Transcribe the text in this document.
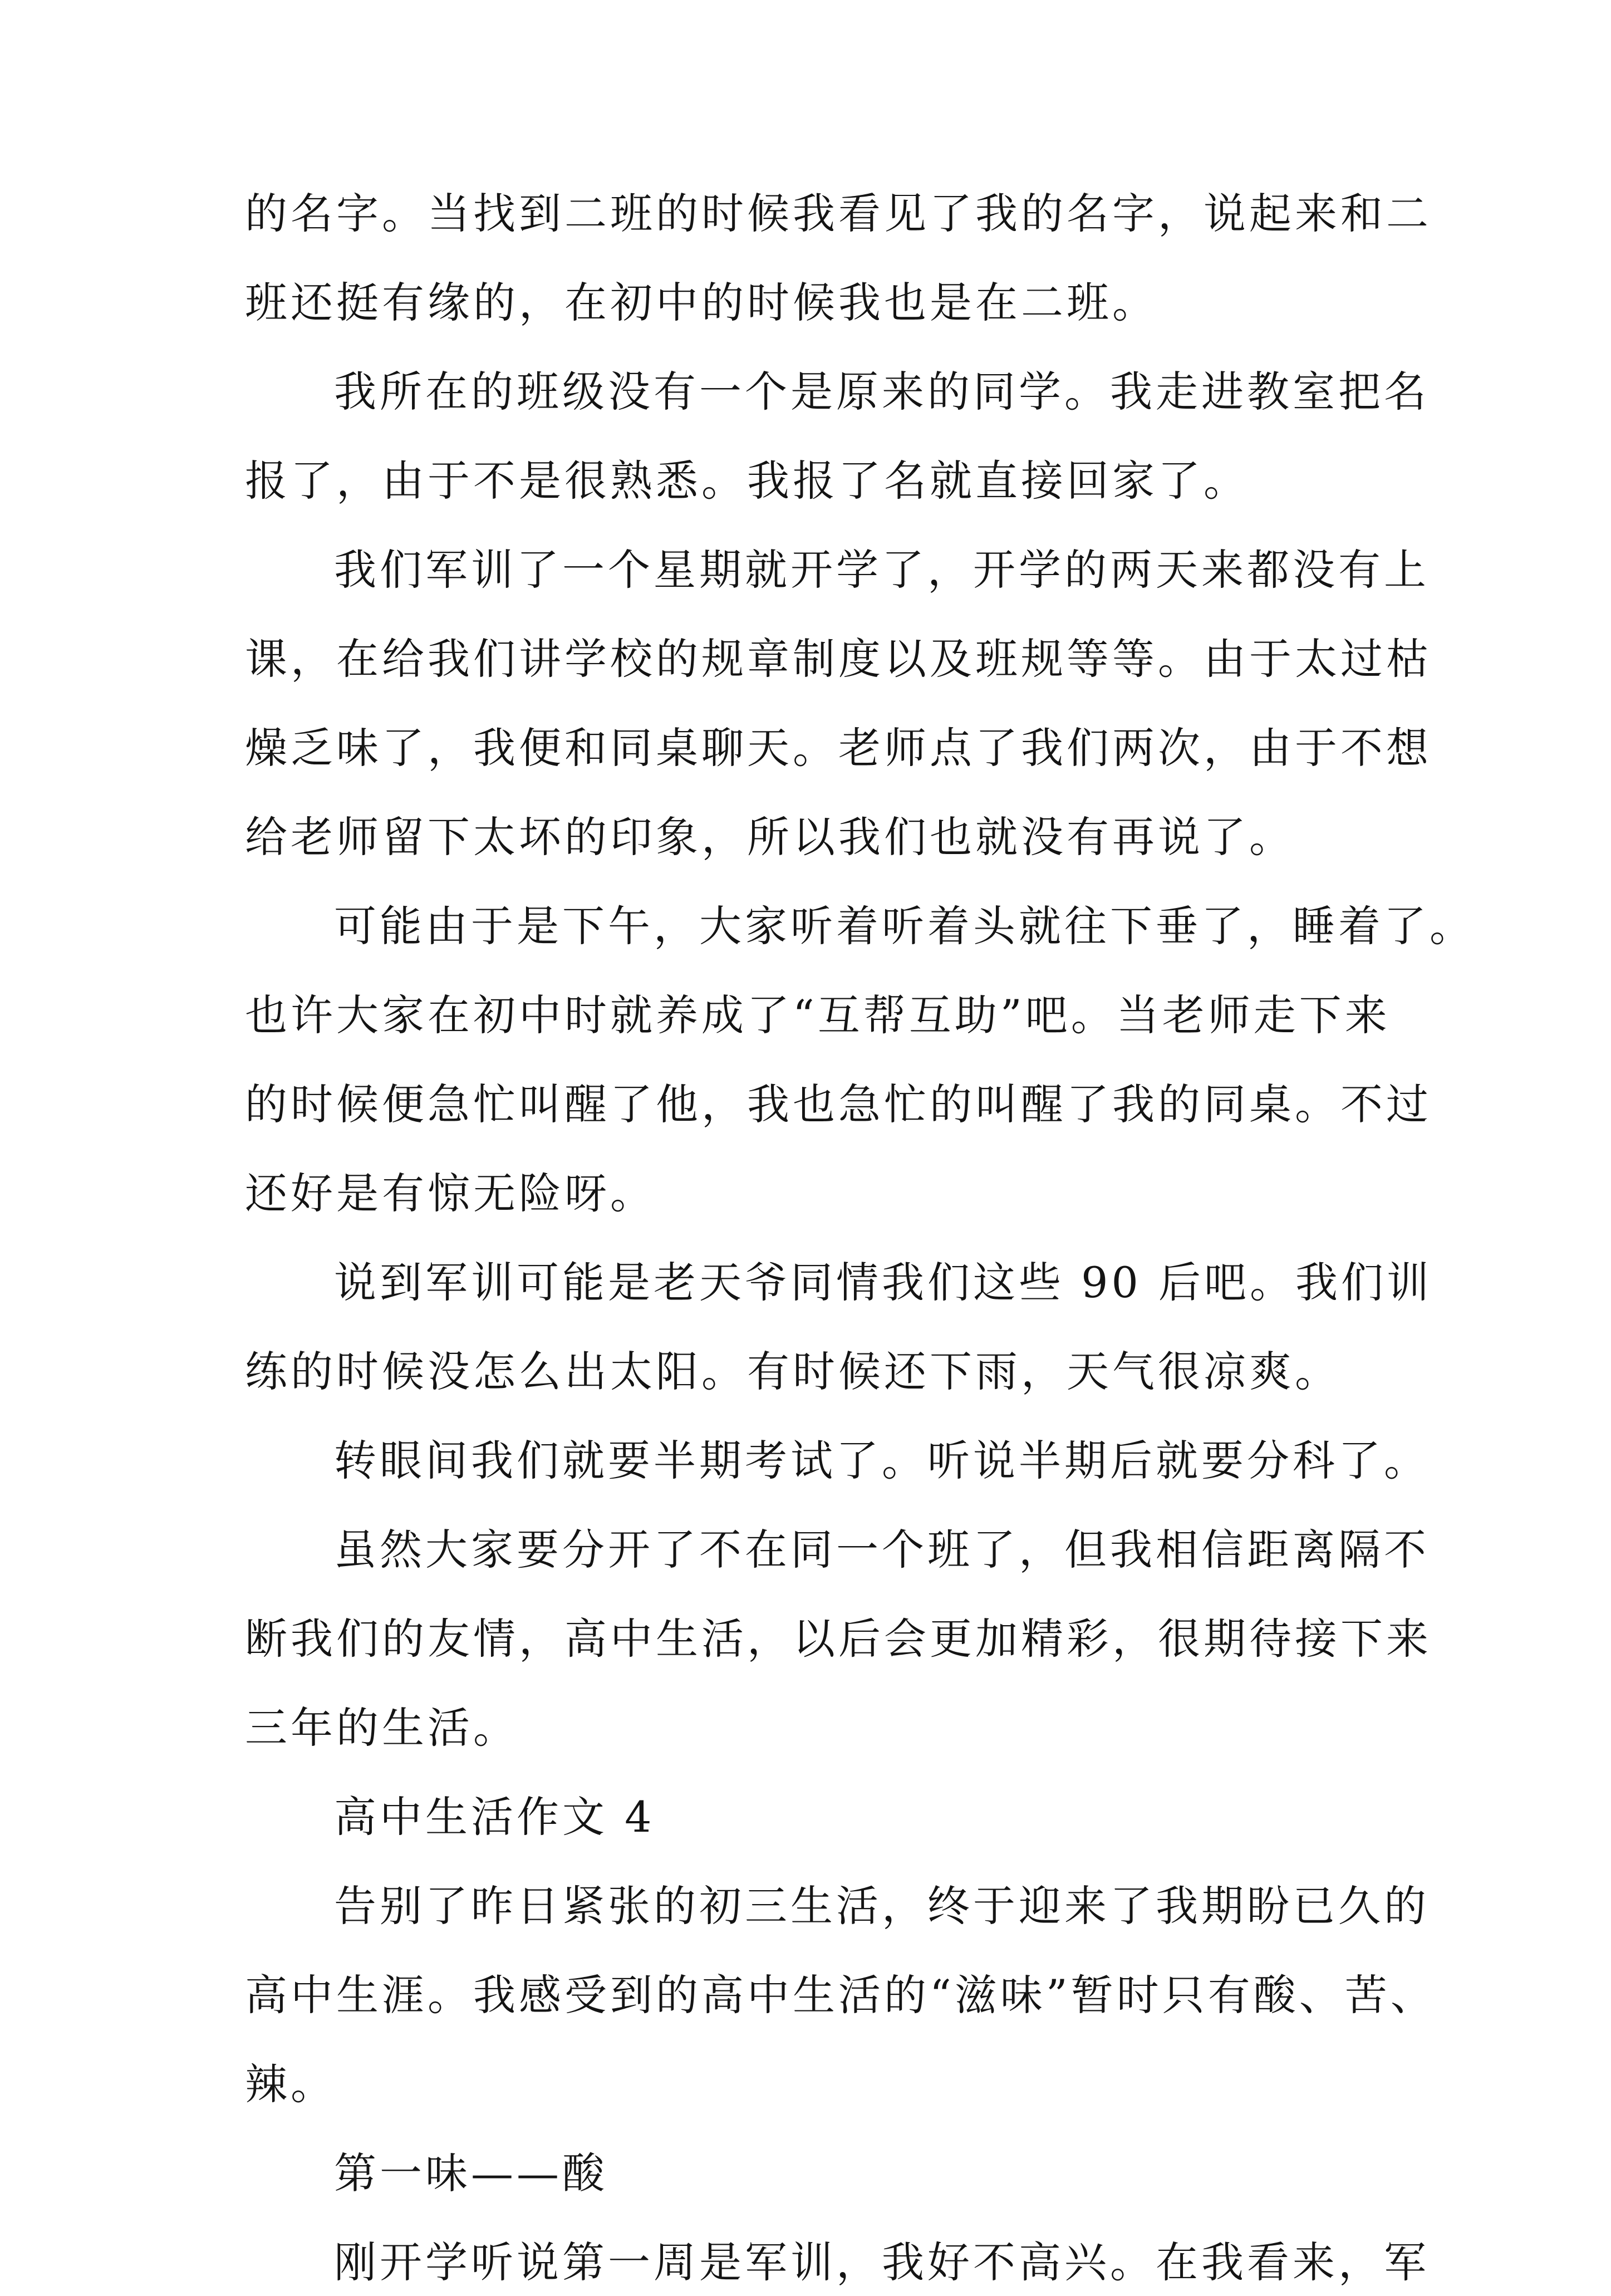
的名字。当找到二班的时候我看见了我的名字，说起来和二
班还挺有缘的，在初中的时候我也是在二班。
我所在的班级没有一个是原来的同学。我走进教室把名
报了，由于不是很熟悉。我报了名就直接回家了。
我们军训了一个星期就开学了，开学的两天来都没有上
课，在给我们讲学校的规章制度以及班规等等。由于太过枯
燥乏味了，我便和同桌聊天。老师点了我们两次，由于不想
给老师留下太坏的印象，所以我们也就没有再说了。
可能由于是下午，大家听着听着头就往下垂了，睡着了。
也许大家在初中时就养成了“互帮互助”吧。当老师走下来
的时候便急忙叫醒了他，我也急忙的叫醒了我的同桌。不过
还好是有惊无险呀。
说到军训可能是老天爷同情我们这些 90 后吧。我们训
练的时候没怎么出太阳。有时候还下雨，天气很凉爽。
转眼间我们就要半期考试了。听说半期后就要分科了。
虽然大家要分开了不在同一个班了，但我相信距离隔不
断我们的友情，高中生活，以后会更加精彩，很期待接下来
三年的生活。
高中生活作文 4
告别了昨日紧张的初三生活，终于迎来了我期盼已久的
高中生涯。我感受到的高中生活的“滋味”暂时只有酸、苦、
辣。
第一味——酸
刚开学听说第一周是军训，我好不高兴。在我看来，军
